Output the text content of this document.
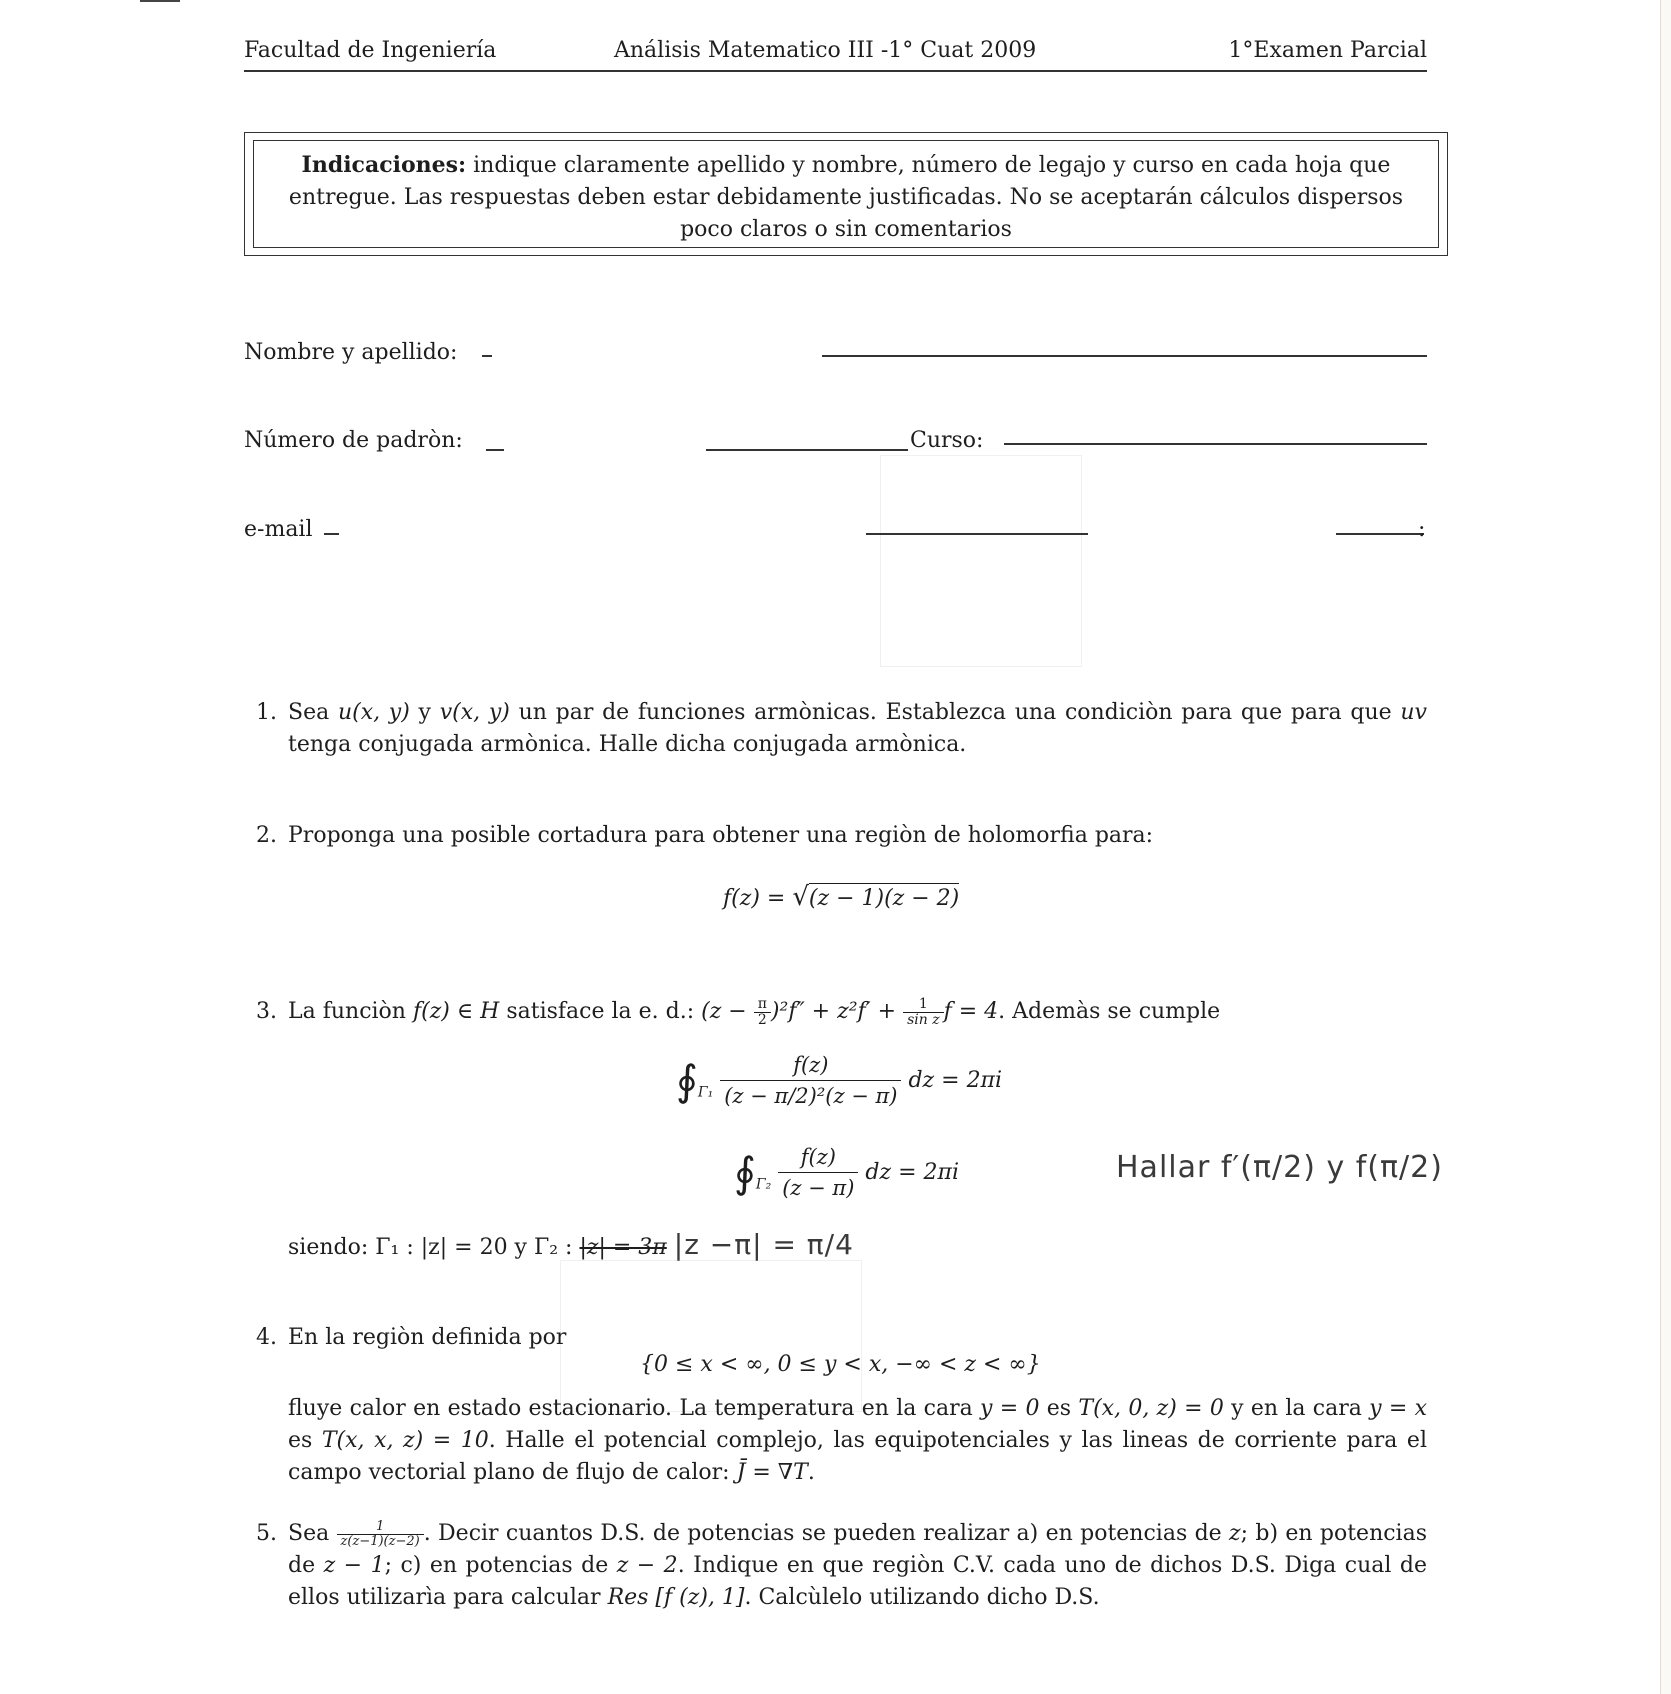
Facultad de Ingeniería	Análisis Matematico III -1° Cuat 2009	1°Examen Parcial
Indicaciones: indique claramente apellido y nombre, número de legajo y curso en cada hoja que entregue. Las respuestas deben estar debidamente justificadas. No se aceptarán cálculos dispersos poco claros o sin comentarios
Nombre y apellido:
Número de padròn:	Curso:
e-mail	:
1. Sea u(x, y) y v(x, y) un par de funciones armònicas. Establezca una condiciòn para que para que uv tenga conjugada armònica. Halle dicha conjugada armònica.
2. Proponga una posible cortadura para obtener una regiòn de holomorfia para:
f(z) = √(z − 1)(z − 2)
3. La funciòn f(z) ∈ H satisface la e. d.: $(z - \frac{\pi}{2} )^2f'' + z^2f' + \frac{1}{\text{sin z}}$ f = 4. Ademàs se cumple
$∮_{\Gamma_1} \frac{f(z)}{\text{(z − π/2)²(z − π)}}$ dz = 2πi
$∮_{\Gamma_2} \frac{f(z)}{(z - \pi)}$ dz = 2πi	Hallar f′(π/2) y f(π/2)
siendo: Γ₁ : |z| = 20 y Γ₂ : |z| = 3π |z −π| = π/4
4. En la regiòn definida por
{0 ≤ x < ∞, 0 ≤ y < x, −∞ < z < ∞}
fluye calor en estado estacionario. La temperatura en la cara y = 0 es T(x, 0, z) = 0 y en la cara y = x es T(x, x, z) = 10. Halle el potencial complejo, las equipotenciales y las lineas de corriente para el campo vectorial plano de flujo de calor: J̄ = ∇T.
5. Sea $\frac{1}{z(z-1)(z-2)}$ . Decir cuantos D.S. de potencias se pueden realizar a) en potencias de z; b) en potencias de z − 1; c) en potencias de z − 2. Indique en que regiòn C.V. cada uno de dichos D.S. Diga cual de ellos utilizarìa para calcular Res [f (z), 1]. Calcùlelo utilizando dicho D.S.
